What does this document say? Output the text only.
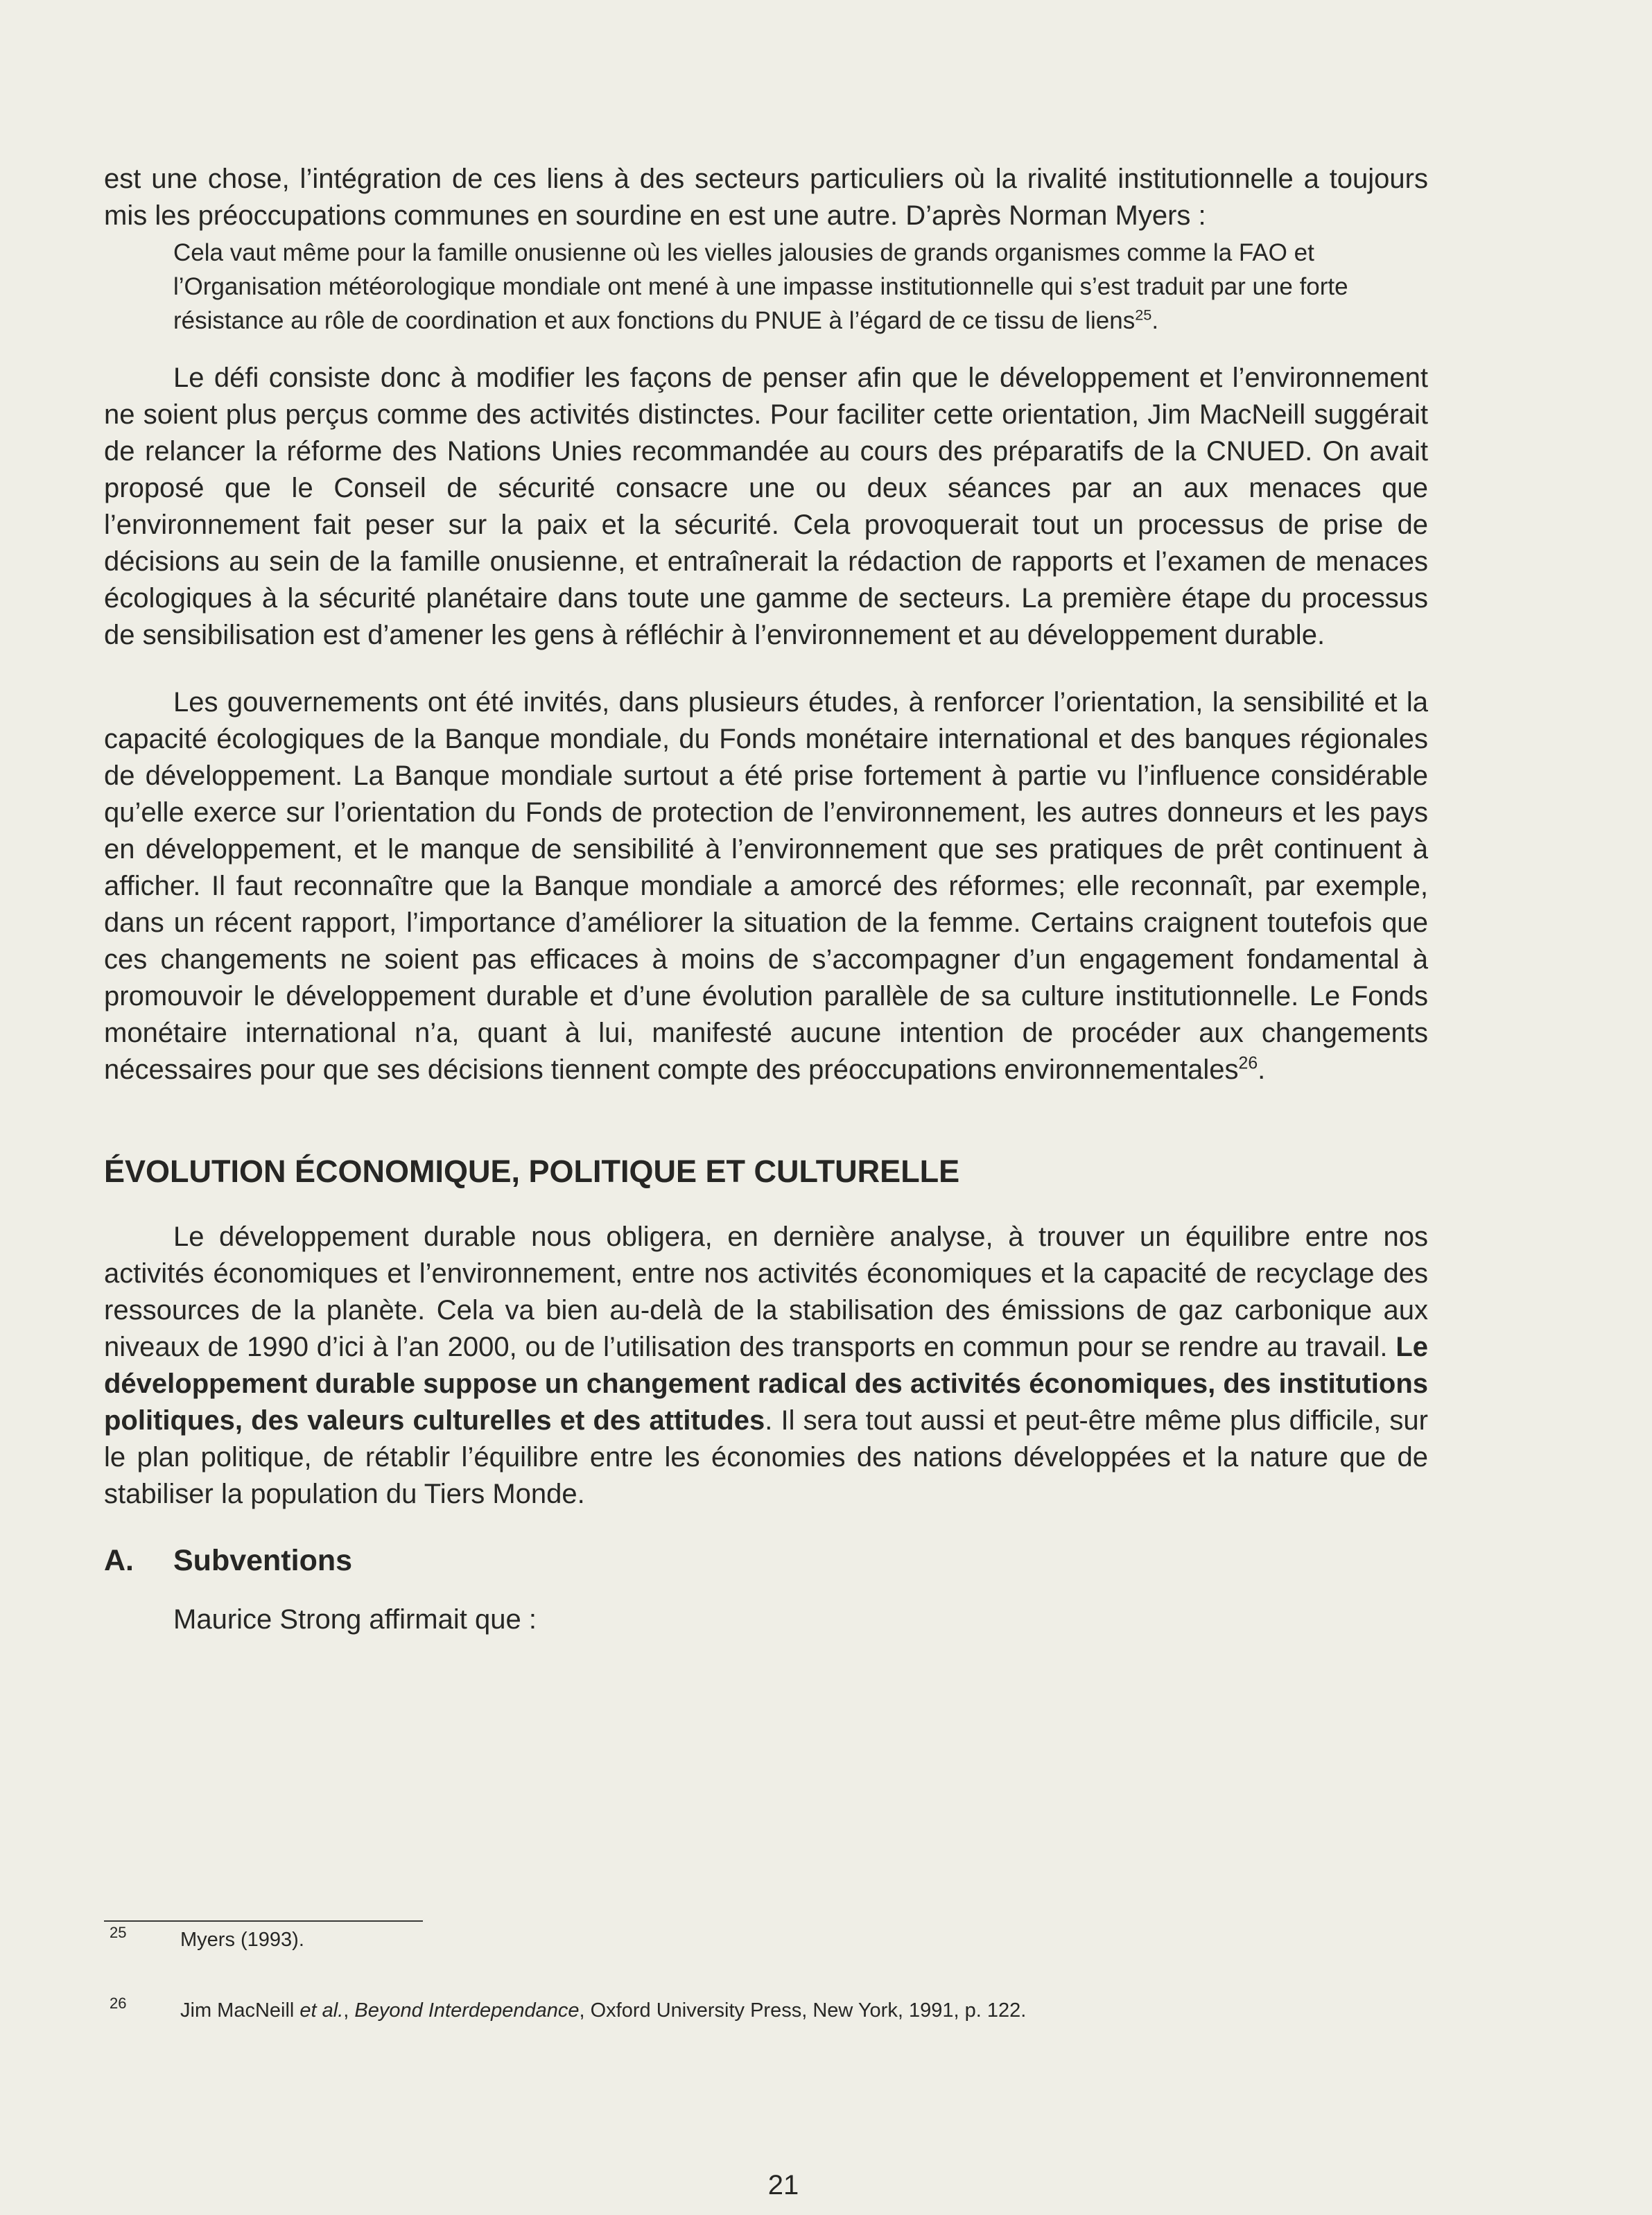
est une chose, l’intégration de ces liens à des secteurs particuliers où la rivalité institutionnelle a toujours mis les préoccupations communes en sourdine en est une autre. D’après Norman Myers :

Cela vaut même pour la famille onusienne où les vielles jalousies de grands organismes comme la FAO et l’Organisation météorologique mondiale ont mené à une impasse institutionnelle qui s’est traduit par une forte résistance au rôle de coordination et aux fonctions du PNUE à l’égard de ce tissu de liens$^{25}$.

Le défi consiste donc à modifier les façons de penser afin que le développement et l’environnement ne soient plus perçus comme des activités distinctes. Pour faciliter cette orientation, Jim MacNeill suggérait de relancer la réforme des Nations Unies recommandée au cours des préparatifs de la CNUED. On avait proposé que le Conseil de sécurité consacre une ou deux séances par an aux menaces que l’environnement fait peser sur la paix et la sécurité. Cela provoquerait tout un processus de prise de décisions au sein de la famille onusienne, et entraînerait la rédaction de rapports et l’examen de menaces écologiques à la sécurité planétaire dans toute une gamme de secteurs. La première étape du processus de sensibilisation est d’amener les gens à réfléchir à l’environnement et au développement durable.

Les gouvernements ont été invités, dans plusieurs études, à renforcer l’orientation, la sensibilité et la capacité écologiques de la Banque mondiale, du Fonds monétaire international et des banques régionales de développement. La Banque mondiale surtout a été prise fortement à partie vu l’influence considérable qu’elle exerce sur l’orientation du Fonds de protection de l’environnement, les autres donneurs et les pays en développement, et le manque de sensibilité à l’environnement que ses pratiques de prêt continuent à afficher. Il faut reconnaître que la Banque mondiale a amorcé des réformes; elle reconnaît, par exemple, dans un récent rapport, l’importance d’améliorer la situation de la femme. Certains craignent toutefois que ces changements ne soient pas efficaces à moins de s’accompagner d’un engagement fondamental à promouvoir le développement durable et d’une évolution parallèle de sa culture institutionnelle. Le Fonds monétaire international n’a, quant à lui, manifesté aucune intention de procéder aux changements nécessaires pour que ses décisions tiennent compte des préoccupations environnementales$^{26}$.

ÉVOLUTION ÉCONOMIQUE, POLITIQUE ET CULTURELLE

Le développement durable nous obligera, en dernière analyse, à trouver un équilibre entre nos activités économiques et l’environnement, entre nos activités économiques et la capacité de recyclage des ressources de la planète. Cela va bien au-delà de la stabilisation des émissions de gaz carbonique aux niveaux de 1990 d’ici à l’an 2000, ou de l’utilisation des transports en commun pour se rendre au travail. Le développement durable suppose un changement radical des activités économiques, des institutions politiques, des valeurs culturelles et des attitudes. Il sera tout aussi et peut-être même plus difficile, sur le plan politique, de rétablir l’équilibre entre les économies des nations développées et la nature que de stabiliser la population du Tiers Monde.

A. Subventions

Maurice Strong affirmait que :

25	Myers (1993).
26	Jim MacNeill et al., Beyond Interdependance, Oxford University Press, New York, 1991, p. 122.
21
